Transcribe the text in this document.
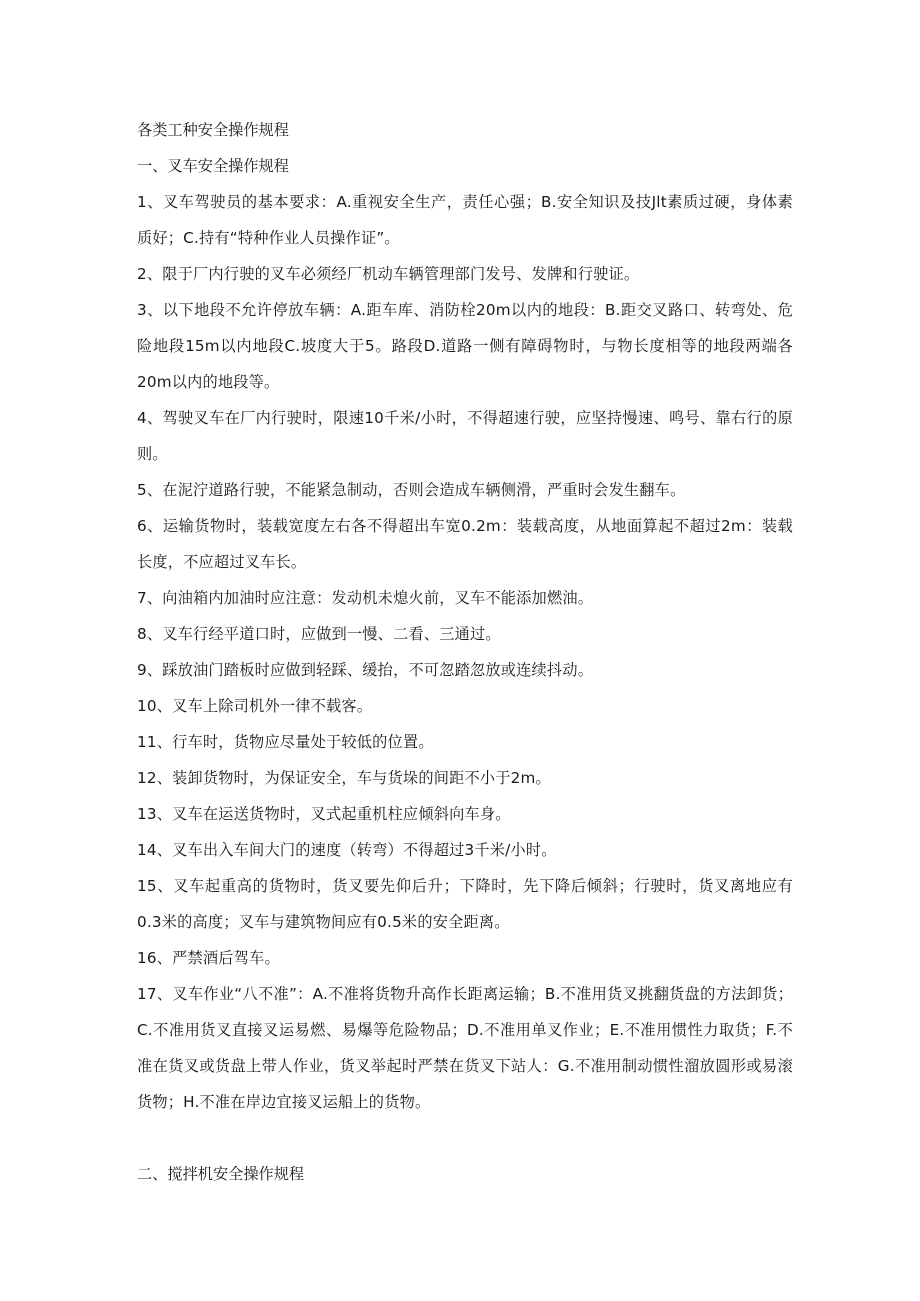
各类工种安全操作规程

一、叉车安全操作规程

1、叉车驾驶员的基本要求：A.重视安全生产，责任心强；B.安全知识及技Jlt素质过硬，身体素质好；C.持有“特种作业人员操作证”。

2、限于厂内行驶的叉车必须经厂机动车辆管理部门发号、发牌和行驶证。

3、以下地段不允许停放车辆：A.距车库、消防栓20m以内的地段：B.距交叉路口、转弯处、危险地段15m以内地段C.坡度大于5。路段D.道路一侧有障碍物时，与物长度相等的地段两端各20m以内的地段等。

4、驾驶叉车在厂内行驶时，限速10千米/小时，不得超速行驶，应坚持慢速、鸣号、靠右行的原则。

5、在泥泞道路行驶，不能紧急制动，否则会造成车辆侧滑，严重时会发生翻车。

6、运输货物时，装载宽度左右各不得超出车宽0.2m：装载高度，从地面算起不超过2m：装载长度，不应超过叉车长。

7、向油箱内加油时应注意：发动机未熄火前，叉车不能添加燃油。

8、叉车行经平道口时，应做到一慢、二看、三通过。

9、踩放油门踏板时应做到轻踩、缓抬，不可忽踏忽放或连续抖动。

10、叉车上除司机外一律不载客。

11、行车时，货物应尽量处于较低的位置。

12、装卸货物时，为保证安全，车与货垛的间距不小于2m。

13、叉车在运送货物时，叉式起重机柱应倾斜向车身。

14、叉车出入车间大门的速度（转弯）不得超过3千米/小时。

15、叉车起重高的货物时，货叉要先仰后升；下降时，先下降后倾斜；行驶时，货叉离地应有0.3米的高度；叉车与建筑物间应有0.5米的安全距离。

16、严禁酒后驾车。

17、叉车作业“八不准”：A.不准将货物升高作长距离运输；B.不准用货叉挑翻货盘的方法卸货；C.不准用货叉直接叉运易燃、易爆等危险物品；D.不准用单叉作业；E.不准用惯性力取货；F.不准在货叉或货盘上带人作业，货叉举起时严禁在货叉下站人：G.不准用制动惯性溜放圆形或易滚货物；H.不准在岸边宜接叉运船上的货物。

二、搅拌机安全操作规程
